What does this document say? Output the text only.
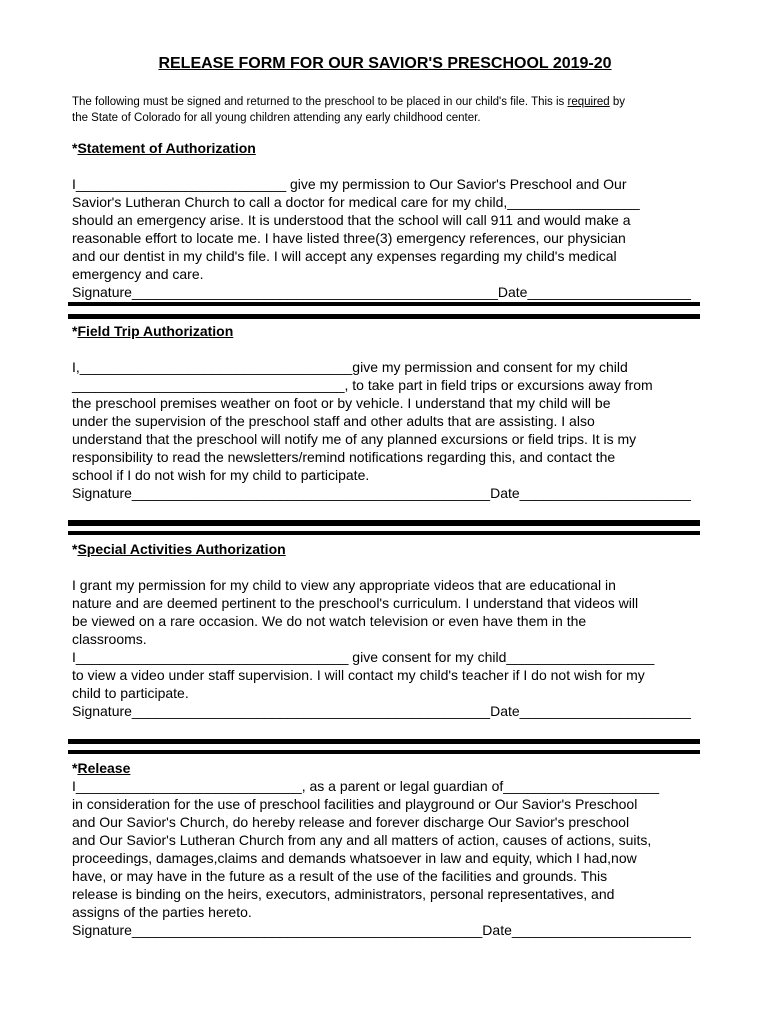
RELEASE FORM FOR OUR SAVIOR'S PRESCHOOL 2019-20
The following must be signed and returned to the preschool to be placed in our child's file. This is required by
the State of Colorado for all young children attending any early childhood center.
*Statement of Authorization
I___________________________ give my permission to Our Savior's Preschool and Our
Savior's Lutheran Church to call a doctor for medical care for my child,_________________
should an emergency arise. It is understood that the school will call 911 and would make a
reasonable effort to locate me. I have listed three(3) emergency references, our physician
and our dentist in my child's file. I will accept any expenses regarding my child's medical
emergency and care.
Signature_______________________________________________Date_____________________
*Field Trip Authorization
I,___________________________________give my permission and consent for my child
___________________________________, to take part in field trips or excursions away from
the preschool premises weather on foot or by vehicle. I understand that my child will be
under the supervision of the preschool staff and other adults that are assisting. I also
understand that the preschool will notify me of any planned excursions or field trips. It is my
responsibility to read the newsletters/remind notifications regarding this, and contact the
school if I do not wish for my child to participate.
Signature______________________________________________Date______________________
*Special Activities Authorization
I grant my permission for my child to view any appropriate videos that are educational in
nature and are deemed pertinent to the preschool's curriculum. I understand that videos will
be viewed on a rare occasion. We do not watch television or even have them in the
classrooms.
I___________________________________ give consent for my child___________________
to view a video under staff supervision. I will contact my child's teacher if I do not wish for my
child to participate.
Signature______________________________________________Date______________________
*Release
I_____________________________, as a parent or legal guardian of____________________
in consideration for the use of preschool facilities and playground or Our Savior's Preschool
and Our Savior's Church, do hereby release and forever discharge Our Savior's preschool
and Our Savior's Lutheran Church from any and all matters of action, causes of actions, suits,
proceedings, damages,claims and demands whatsoever in law and equity, which I had,now
have, or may have in the future as a result of the use of the facilities and grounds. This
release is binding on the heirs, executors, administrators, personal representatives, and
assigns of the parties hereto.
Signature_____________________________________________Date_______________________
